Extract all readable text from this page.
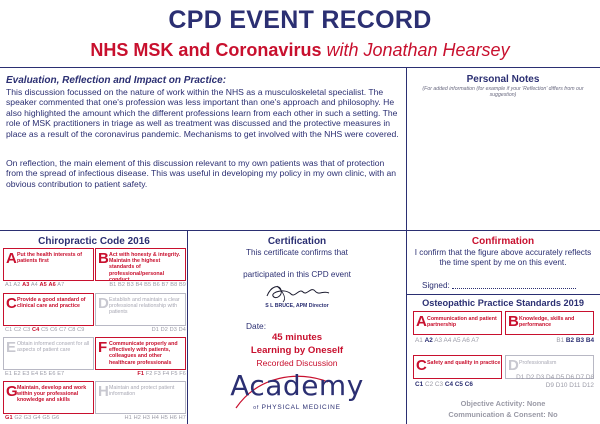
CPD EVENT RECORD
NHS MSK and Coronavirus with Jonathan Hearsey
Evaluation, Reflection and Impact on Practice:
This discussion focussed on the nature of work within the NHS as a musculoskeletal specialist. The speaker commented that one's profession was less important than one's approach and philosophy. He also highlighted the amount which the different professions learn from each other in such a setting. The role of MSK practitioners in triage as well as treatment was discussed and the protective measures in place as a result of the coronavirus pandemic. Mechanisms to get involved with the NHS were covered.
On reflection, the main element of this discussion relevant to my own patients was that of protection from the spread of infectious disease. This was useful in developing my policy in my own clinic, with an obvious contribution to patient safety.
Personal Notes
(For added information (for example if your 'Reflection' differs from our suggestion)
Chiropractic Code 2016
A Put the health interests of patients first
A1 A2 A3 A4 A5 A6 A7
B Act with honesty & integrity. Maintain the highest standards of professional/personal conduct
B1 B2 B3 B4 B5 B6 B7 B8 B9
C Provide a good standard of clinical care and practice
C1 C2 C3 C4 C5 C6 C7 C8 C9
D Establish and maintain a clear professional relationship with patients
D1 D2 D3 D4
E Obtain informed consent for all aspects of patient care
E1 E2 E3 E4 E5 E6 E7
F Communicate properly and effectively with patients, colleagues and other healthcare professionals
F1 F2 F3 F4 F5 F6
G Maintain, develop and work within your professional knowledge and skills
G1 G2 G3 G4 G5 G6
H Maintain and protect patient information
H1 H2 H3 H4 H5 H6 H7
Certification
This certificate confirms that
participated in this CPD event
S L BRUCE, APM Director
Date:
45 minutes
Learning by Oneself
Recorded Discussion
Academy
of PHYSICAL MEDICINE
Confirmation
I confirm that the figure above accurately reflects the time spent by me on this event.
Signed:
Osteopathic Practice Standards 2019
A Communication and patient partnership
A1 A2 A3 A4 A5 A6 A7
B Knowledge, skills and performance
B1 B2 B3 B4
C Safety and quality in practice
C1 C2 C3 C4 C5 C6
D Professionalism
D1 D2 D3 D4 D5 D6 D7 D8 D9 D10 D11 D12
Objective Activity: None
Communication & Consent: No
